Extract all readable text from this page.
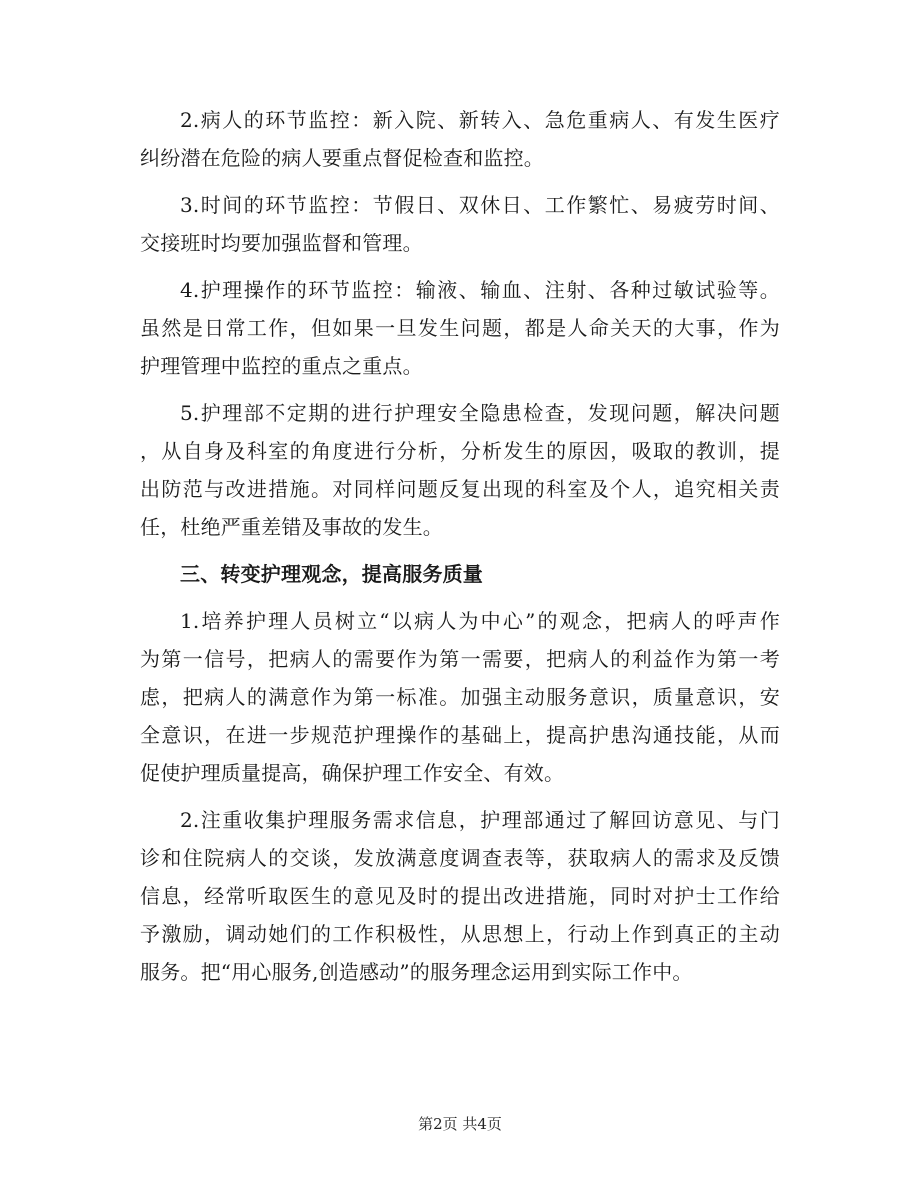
2.病人的环节监控：新入院、新转入、急危重病人、有发生医疗
纠纷潜在危险的病人要重点督促检查和监控。
3.时间的环节监控：节假日、双休日、工作繁忙、易疲劳时间、
交接班时均要加强监督和管理。
4.护理操作的环节监控：输液、输血、注射、各种过敏试验等。
虽然是日常工作，但如果一旦发生问题，都是人命关天的大事，作为
护理管理中监控的重点之重点。
5.护理部不定期的进行护理安全隐患检查，发现问题，解决问题
，从自身及科室的角度进行分析，分析发生的原因，吸取的教训，提
出防范与改进措施。对同样问题反复出现的科室及个人，追究相关责
任，杜绝严重差错及事故的发生。
三、转变护理观念，提高服务质量
1.培养护理人员树立“以病人为中心”的观念，把病人的呼声作
为第一信号，把病人的需要作为第一需要，把病人的利益作为第一考
虑，把病人的满意作为第一标准。加强主动服务意识，质量意识，安
全意识，在进一步规范护理操作的基础上，提高护患沟通技能，从而
促使护理质量提高，确保护理工作安全、有效。
2.注重收集护理服务需求信息，护理部通过了解回访意见、与门
诊和住院病人的交谈，发放满意度调查表等，获取病人的需求及反馈
信息，经常听取医生的意见及时的提出改进措施，同时对护士工作给
予激励，调动她们的工作积极性，从思想上，行动上作到真正的主动
服务。把“用心服务,创造感动”的服务理念运用到实际工作中。
第2页 共4页
